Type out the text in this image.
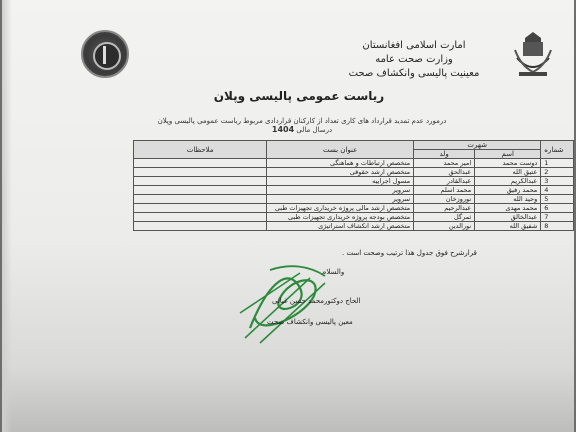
امارت اسلامی افغانستان
وزارت صحت عامه
معینیت پالیسی وانکشاف صحت
ریاست عمومی پالیسی وپلان
درمورد عدم تمدید قرارداد های کاری تعداد از کارکنان قراردادی مربوط ریاست عمومی پالیسی وپلان درسال مالی 1404
شماره	شهرت		عنوان بست	ملاحظات
	اسم	ولد		
1	دوست محمد	امیر محمد	متخصص ارتباطات و هماهنگی	
2	عتیق الله	عبدالحق	متخصص ارشد حقوقی	
3	عبدالکریم	عبدالقادر	مسول اجراییه	
4	محمد رفیق	محمد اسلم	سرویر	
5	وحید الله	نوروزخان	سرویر	
6	محمد مهدی	عبدالرحیم	متخصص ارشد مالی پروژه خریداری تجهیزات طبی	
7	عبدالخالق	ثمرگل	متخصص بودجه پروژه خریداری تجهیزات طبی	
8	شفیق الله	نورالدین	متخصص ارشد انکشاف استراتیژی	
قرارشرح فوق جدول هذا ترتیب وصحت است .
والسلام
الحاج دوکتورمحمد حسن غیاثی
معین پالیسی وانکشاف صحت
